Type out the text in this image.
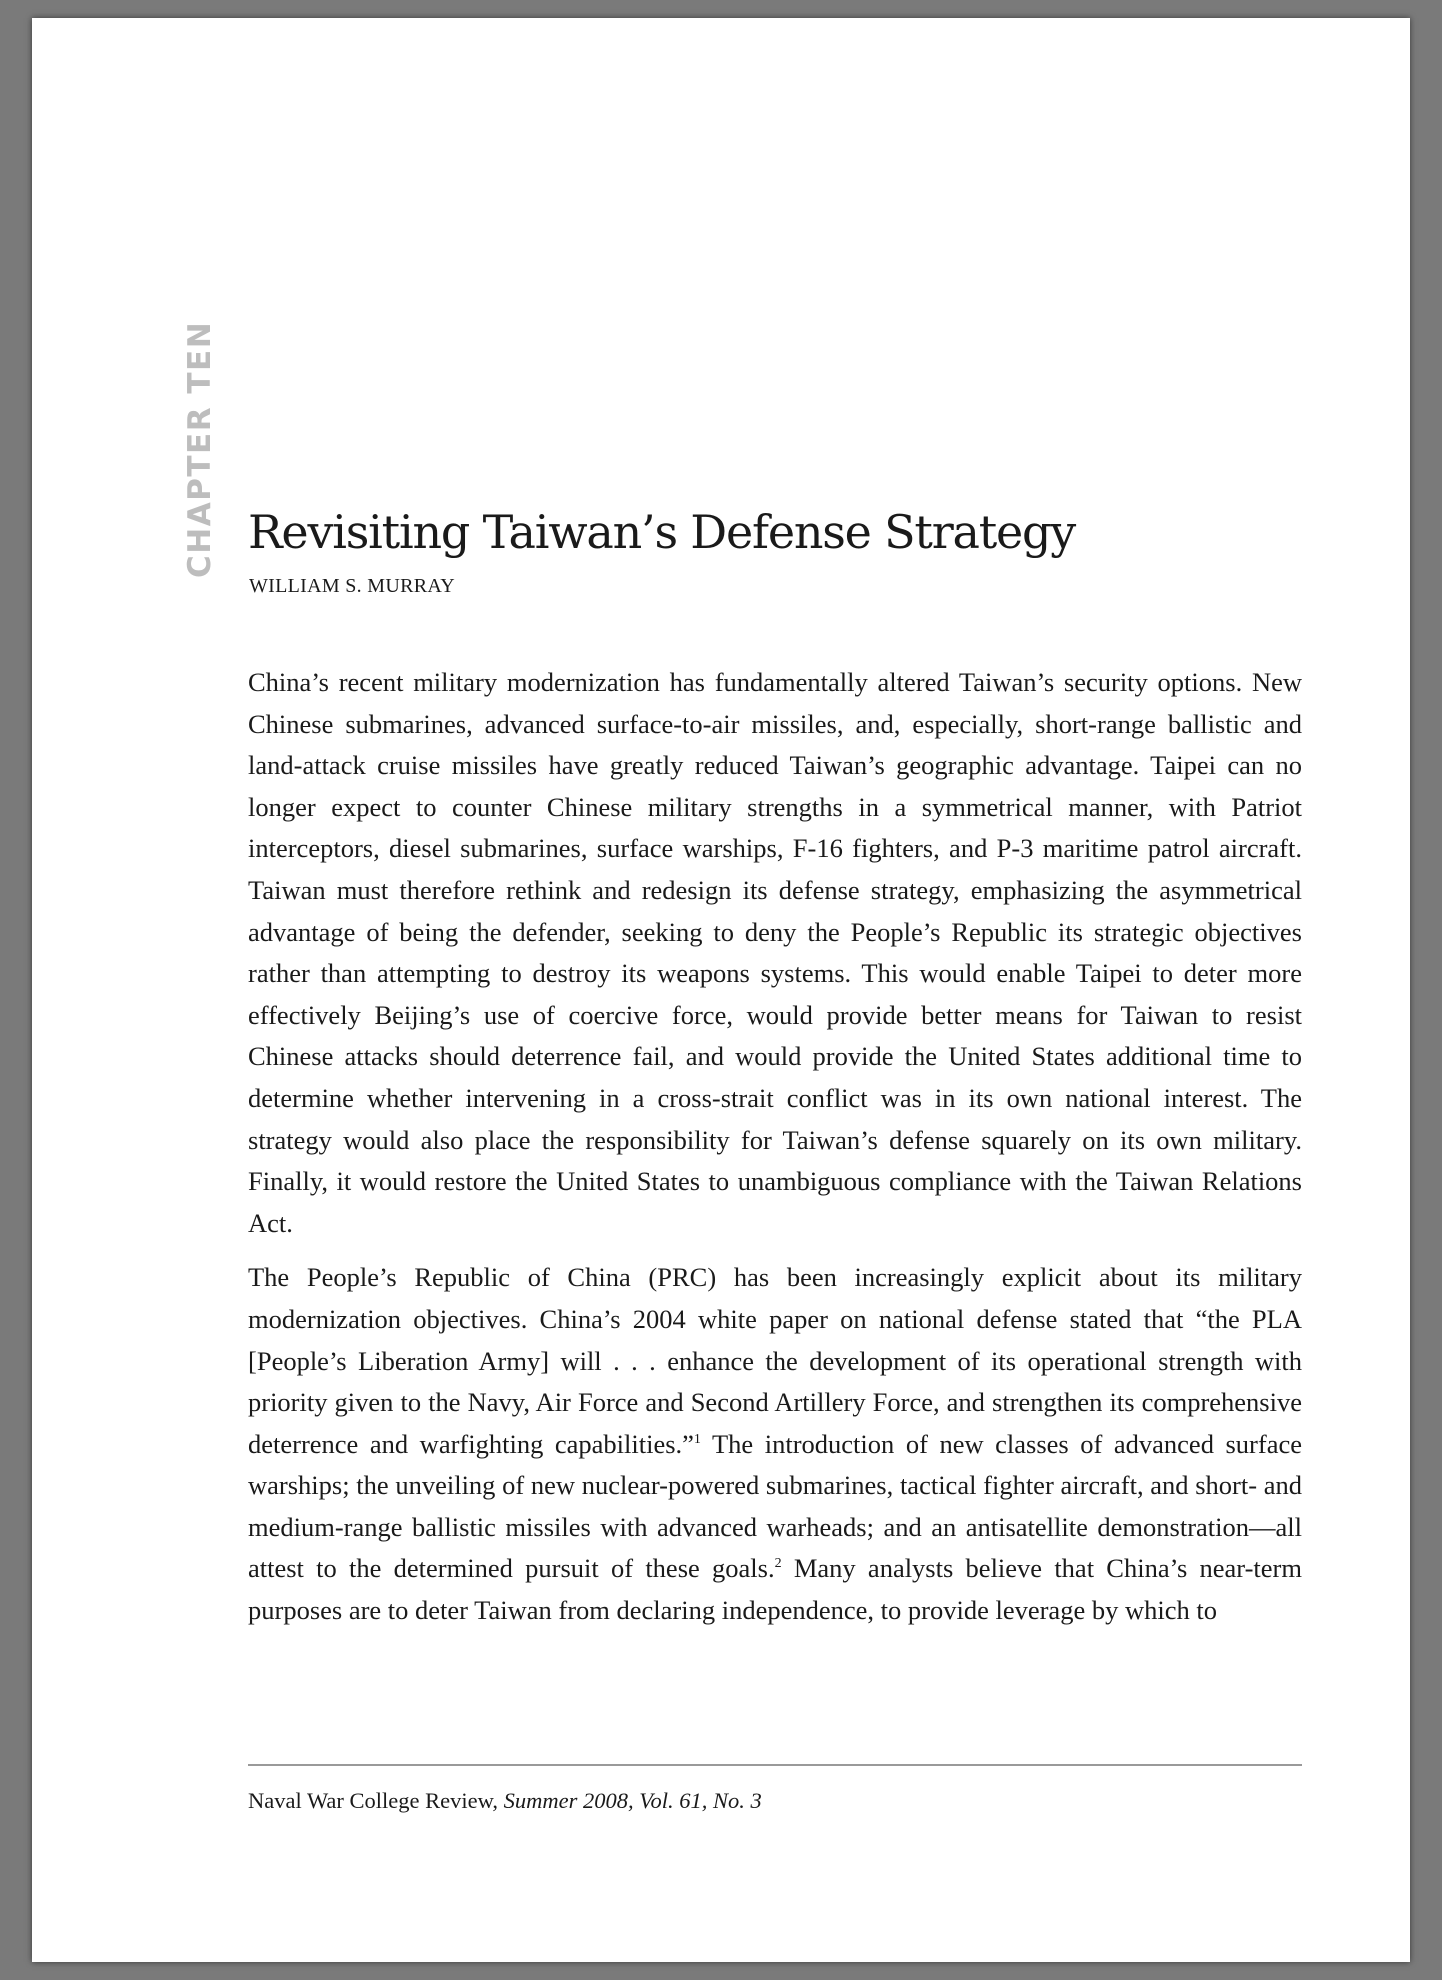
CHAPTER TEN Revisiting Taiwan’s Defense Strategy
WILLIAM S. MURRAY

China’s recent military modernization has fundamentally altered Taiwan’s security options. New Chinese submarines, advanced surface-to-air missiles, and, especially, short-range ballistic and land-attack cruise missiles have greatly reduced Taiwan’s geographic advantage. Taipei can no longer expect to counter Chinese military strengths in a symmetrical manner, with Patriot interceptors, diesel submarines, surface warships, F-16 fighters, and P-3 maritime patrol aircraft. Taiwan must therefore rethink and redesign its defense strategy, emphasizing the asymmetrical advantage of being the defender, seeking to deny the People’s Republic its strategic objectives rather than attempting to destroy its weapons systems. This would enable Taipei to deter more effectively Beijing’s use of coercive force, would provide better means for Taiwan to resist Chinese attacks should deterrence fail, and would provide the United States additional time to determine whether intervening in a cross-strait conflict was in its own national interest. The strategy would also place the responsibility for Taiwan’s defense squarely on its own military. Finally, it would restore the United States to unambiguous compliance with the Taiwan Relations Act.

The People’s Republic of China (PRC) has been increasingly explicit about its military modernization objectives. China’s 2004 white paper on national defense stated that “the PLA [People’s Liberation Army] will . . . enhance the development of its operational strength with priority given to the Navy, Air Force and Second Artillery Force, and strengthen its comprehensive deterrence and warfighting capabilities.”$^1$ The introduction of new classes of advanced surface warships; the unveiling of new nuclear-powered submarines, tactical fighter aircraft, and short- and medium-range ballistic missiles with advanced warheads; and an antisatellite demonstration—all attest to the determined pursuit of these goals.$^2$ Many analysts believe that China’s near-term purposes are to deter Taiwan from declaring independence, to provide leverage by which to

Naval War College Review, Summer 2008, Vol. 61, No. 3
